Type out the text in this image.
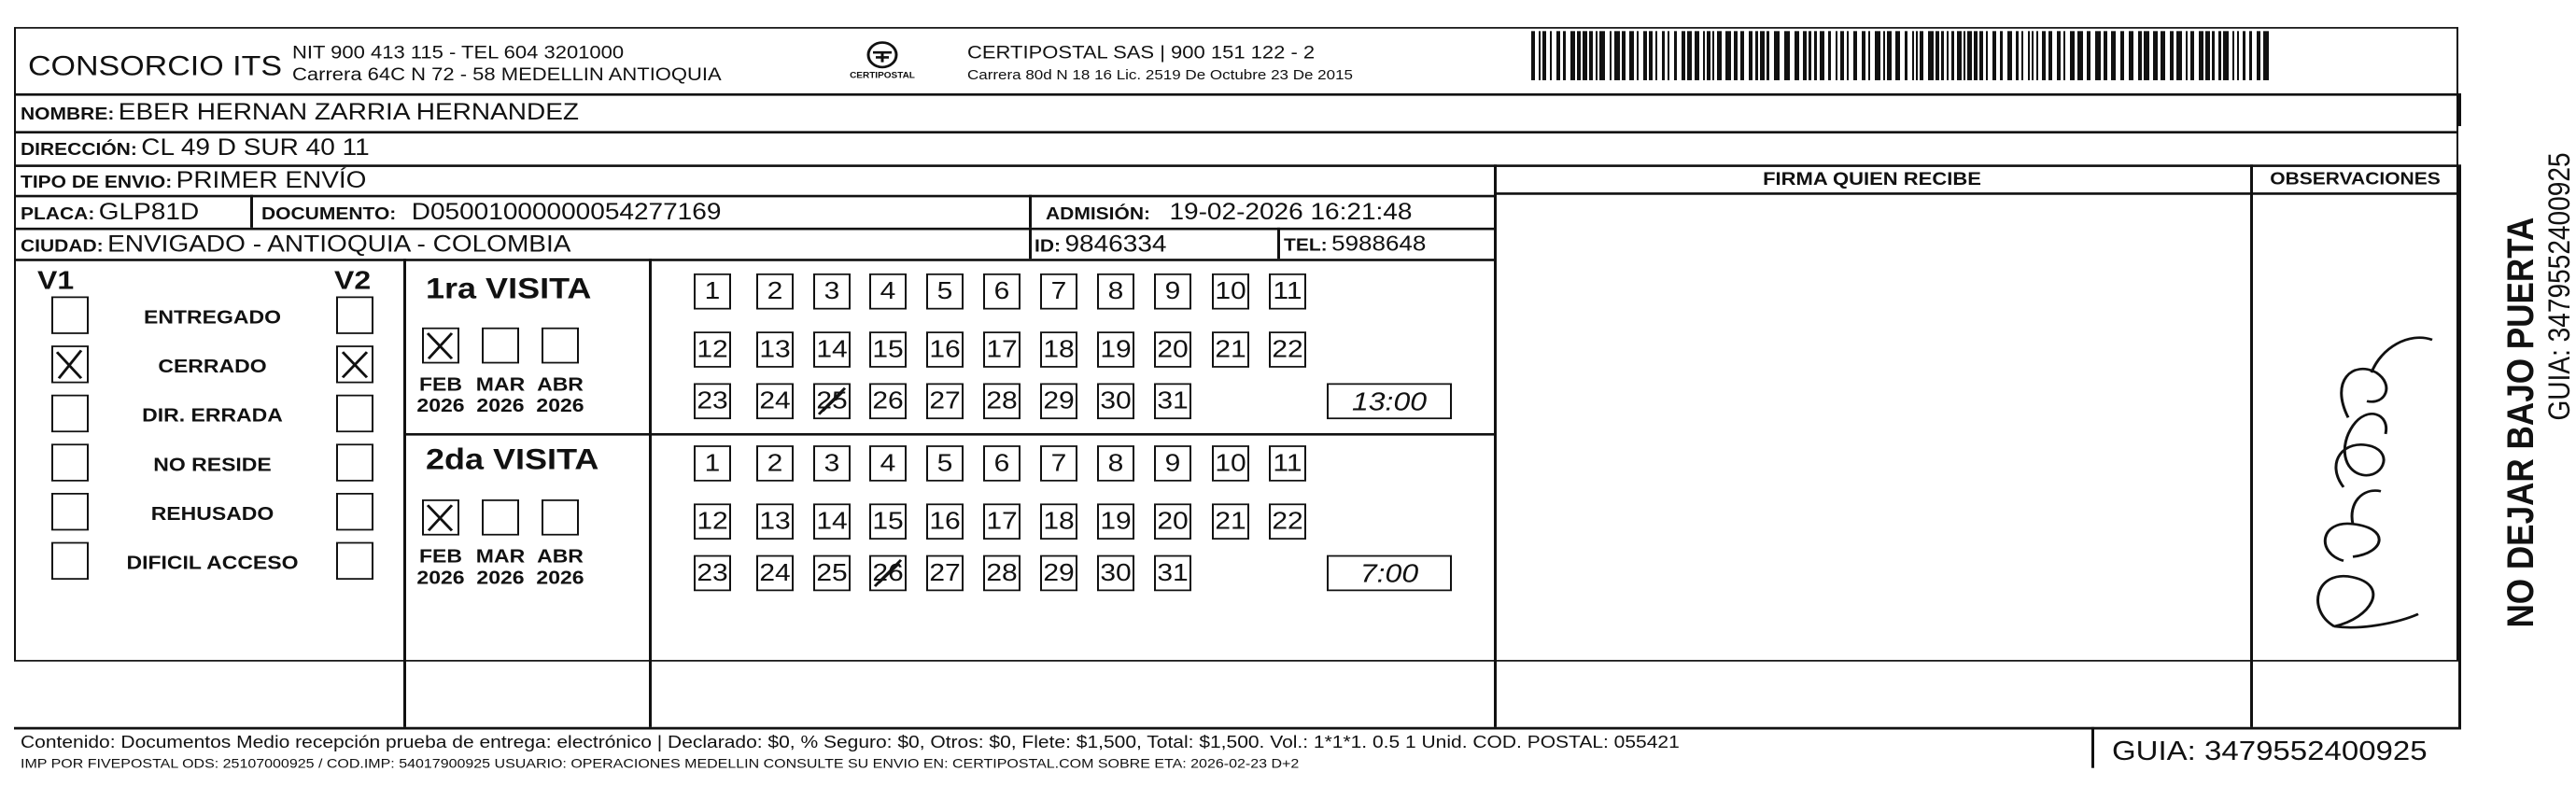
CONSORCIO ITS NIT 900 413 115 - TEL 604 3201000
Carrera 64C N 72 - 58 MEDELLIN ANTIOQUIA	CERTIPOSTAL
CERTIPOSTAL SAS | 900 151 122 - 2
Carrera 80d N 18 16 Lic. 2519 De Octubre 23 De 2015
NOMBRE: EBER HERNAN ZARRIA HERNANDEZ
DIRECCIÓN: CL 49 D SUR 40 11
TIPO DE ENVIO: PRIMER ENVÍO
PLACA: GLP81D	DOCUMENTO: D05001000000054277169	ADMISIÓN: 19-02-2026 16:21:48
CIUDAD: ENVIGADO - ANTIOQUIA - COLOMBIA	ID: 9846334	TEL: 5988648
FIRMA QUIEN RECIBE	OBSERVACIONES
V1	V2
ENTREGADO
CERRADO
DIR. ERRADA
NO RESIDE
REHUSADO
DIFICIL ACCESO
1ra VISITA
2da VISITA
FEB
2026
MAR
2026
ABR
2026
1	2	3	4	5	6	7	8	9	10 11
12 13 14 15 16 17 18 19 20 21 22
23 24 25 26 27 28 29 30 31	13:00
FEB
2026
MAR
2026
ABR
2026
1	2	3	4	5	6	7	8	9	10 11
12 13 14 15 16 17 18 19 20 21 22
23 24 25 26 27 28 29 30 31	7:00	NO DEJAR BAJO PUERTA GUIA: 3479552400925
Contenido: Documentos Medio recepción prueba de entrega: electrónico | Declarado: $0, % Seguro: $0, Otros: $0, Flete: $1,500, Total: $1,500. Vol.: 1*1*1. 0.5 1 Unid. COD. POSTAL: 055421
IMP POR FIVEPOSTAL ODS: 25107000925 / COD.IMP: 54017900925 USUARIO: OPERACIONES MEDELLIN CONSULTE SU ENVIO EN: CERTIPOSTAL.COM SOBRE ETA: 2026-02-23 D+2	GUIA: 3479552400925
